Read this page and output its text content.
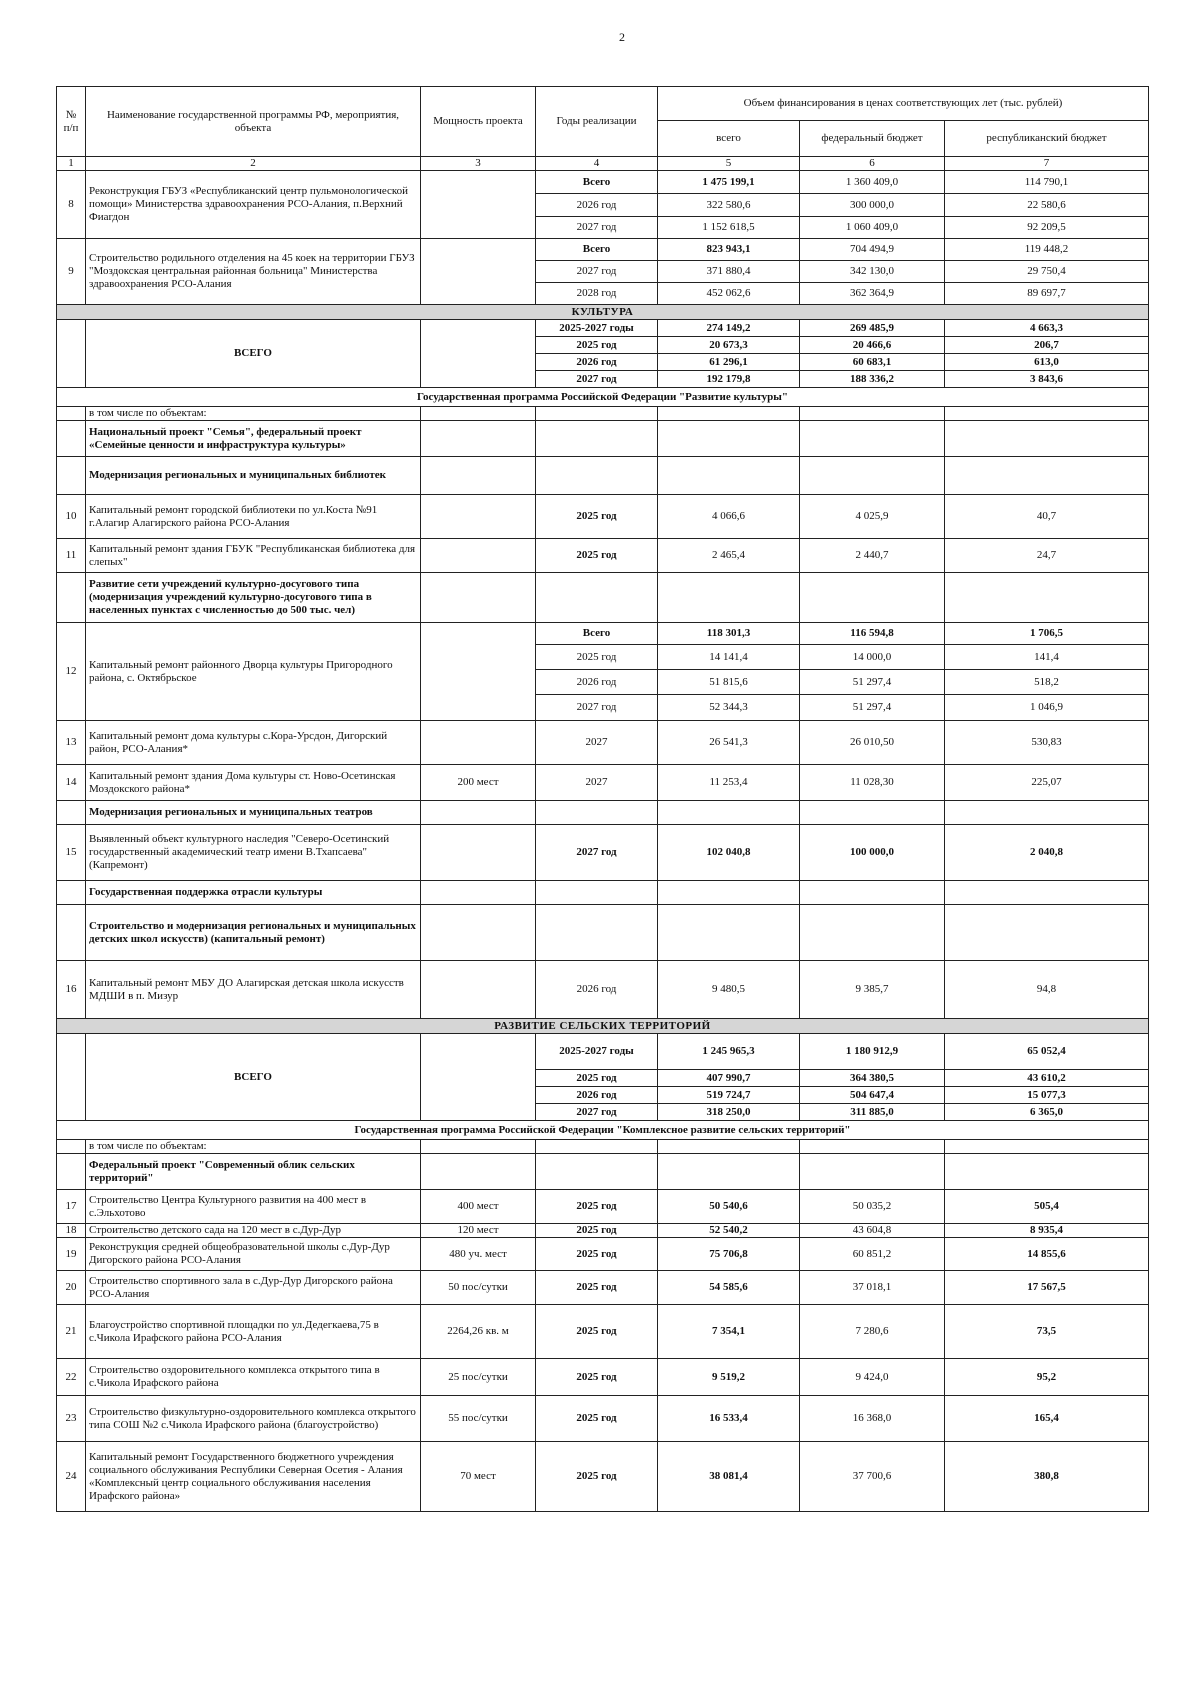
2
№ п/п	Наименование государственной программы РФ, мероприятия, объекта	Мощность проекта	Годы реализации	Объем финансирования в ценах соответствующих лет (тыс. рублей)		
				всего	федеральный бюджет	республиканский бюджет
1	2	3	4	5	6	7
8	Реконструкция ГБУЗ «Республиканский центр пульмонологической помощи» Министерства здравоохранения РСО-Алания, п.Верхний Фиагдон		Всего	1 475 199,1	1 360 409,0	114 790,1
			2026 год	322 580,6	300 000,0	22 580,6
			2027 год	1 152 618,5	1 060 409,0	92 209,5
9	Строительство родильного отделения на 45 коек на территории ГБУЗ "Моздокская центральная районная больница" Министерства здравоохранения РСО-Алания		Всего	823 943,1	704 494,9	119 448,2
			2027 год	371 880,4	342 130,0	29 750,4
			2028 год	452 062,6	362 364,9	89 697,7
КУЛЬТУРА						
	ВСЕГО		2025-2027 годы	274 149,2	269 485,9	4 663,3
			2025 год	20 673,3	20 466,6	206,7
			2026 год	61 296,1	60 683,1	613,0
			2027 год	192 179,8	188 336,2	3 843,6
Государственная программа Российской Федерации "Развитие культуры"						
	в том числе по объектам:					
	Национальный проект "Семья", федеральный проект «Семейные ценности и инфраструктура культуры»					
	Модернизация региональных и муниципальных библиотек					
10	Капитальный ремонт городской библиотеки по ул.Коста №91 г.Алагир Алагирского района РСО-Алания		2025 год	4 066,6	4 025,9	40,7
11	Капитальный ремонт здания ГБУК "Республиканская библиотека для слепых"		2025 год	2 465,4	2 440,7	24,7
	Развитие сети учреждений культурно-досугового типа (модернизация учреждений культурно-досугового типа в населенных пунктах с численностью до 500 тыс. чел)					
12	Капитальный ремонт районного Дворца культуры Пригородного района, с. Октябрьское		Всего	118 301,3	116 594,8	1 706,5
			2025 год	14 141,4	14 000,0	141,4
			2026 год	51 815,6	51 297,4	518,2
			2027 год	52 344,3	51 297,4	1 046,9
13	Капитальный ремонт дома культуры с.Кора-Урсдон, Дигорский район, РСО-Алания*		2027	26 541,3	26 010,50	530,83
14	Капитальный ремонт здания Дома культуры ст. Ново-Осетинская Моздокского района*	200 мест	2027	11 253,4	11 028,30	225,07
	Модернизация региональных и муниципальных театров					
15	Выявленный объект культурного наследия "Северо-Осетинский государственный академический театр имени В.Тхапсаева" (Капремонт)		2027 год	102 040,8	100 000,0	2 040,8
	Государственная поддержка отрасли культуры					
	Строительство и модернизация региональных и муниципальных детских школ искусств) (капитальный ремонт)					
16	Капитальный ремонт МБУ ДО Алагирская детская школа искусств МДШИ в п. Мизур		2026 год	9 480,5	9 385,7	94,8
РАЗВИТИЕ СЕЛЬСКИХ ТЕРРИТОРИЙ						
	ВСЕГО		2025-2027 годы	1 245 965,3	1 180 912,9	65 052,4
			2025 год	407 990,7	364 380,5	43 610,2
			2026 год	519 724,7	504 647,4	15 077,3
			2027 год	318 250,0	311 885,0	6 365,0
Государственная программа Российской Федерации "Комплексное развитие сельских территорий"						
	в том числе по объектам:					
	Федеральный проект "Современный облик сельских территорий"					
17	Строительство Центра Культурного развития на 400 мест в с.Эльхотово	400 мест	2025 год	50 540,6	50 035,2	505,4
18	Строительство детского сада на 120 мест в с.Дур-Дур	120 мест	2025 год	52 540,2	43 604,8	8 935,4
19	Реконструкция средней общеобразовательной школы с.Дур-Дур Дигорского района РСО-Алания	480 уч. мест	2025 год	75 706,8	60 851,2	14 855,6
20	Строительство спортивного зала в с.Дур-Дур Дигорского района РСО-Алания	50 пос/сутки	2025 год	54 585,6	37 018,1	17 567,5
21	Благоустройство спортивной площадки по ул.Дедегкаева,75 в с.Чикола Ирафского района РСО-Алания	2264,26 кв. м	2025 год	7 354,1	7 280,6	73,5
22	Строительство оздоровительного комплекса открытого типа в с.Чикола Ирафского района	25 пос/сутки	2025 год	9 519,2	9 424,0	95,2
23	Строительство физкультурно-оздоровительного комплекса открытого типа СОШ №2 с.Чикола Ирафского района (благоустройство)	55 пос/сутки	2025 год	16 533,4	16 368,0	165,4
24	Капитальный ремонт Государственного бюджетного учреждения социального обслуживания Республики Северная Осетия - Алания «Комплексный центр социального обслуживания населения Ирафского района»	70 мест	2025 год	38 081,4	37 700,6	380,8
